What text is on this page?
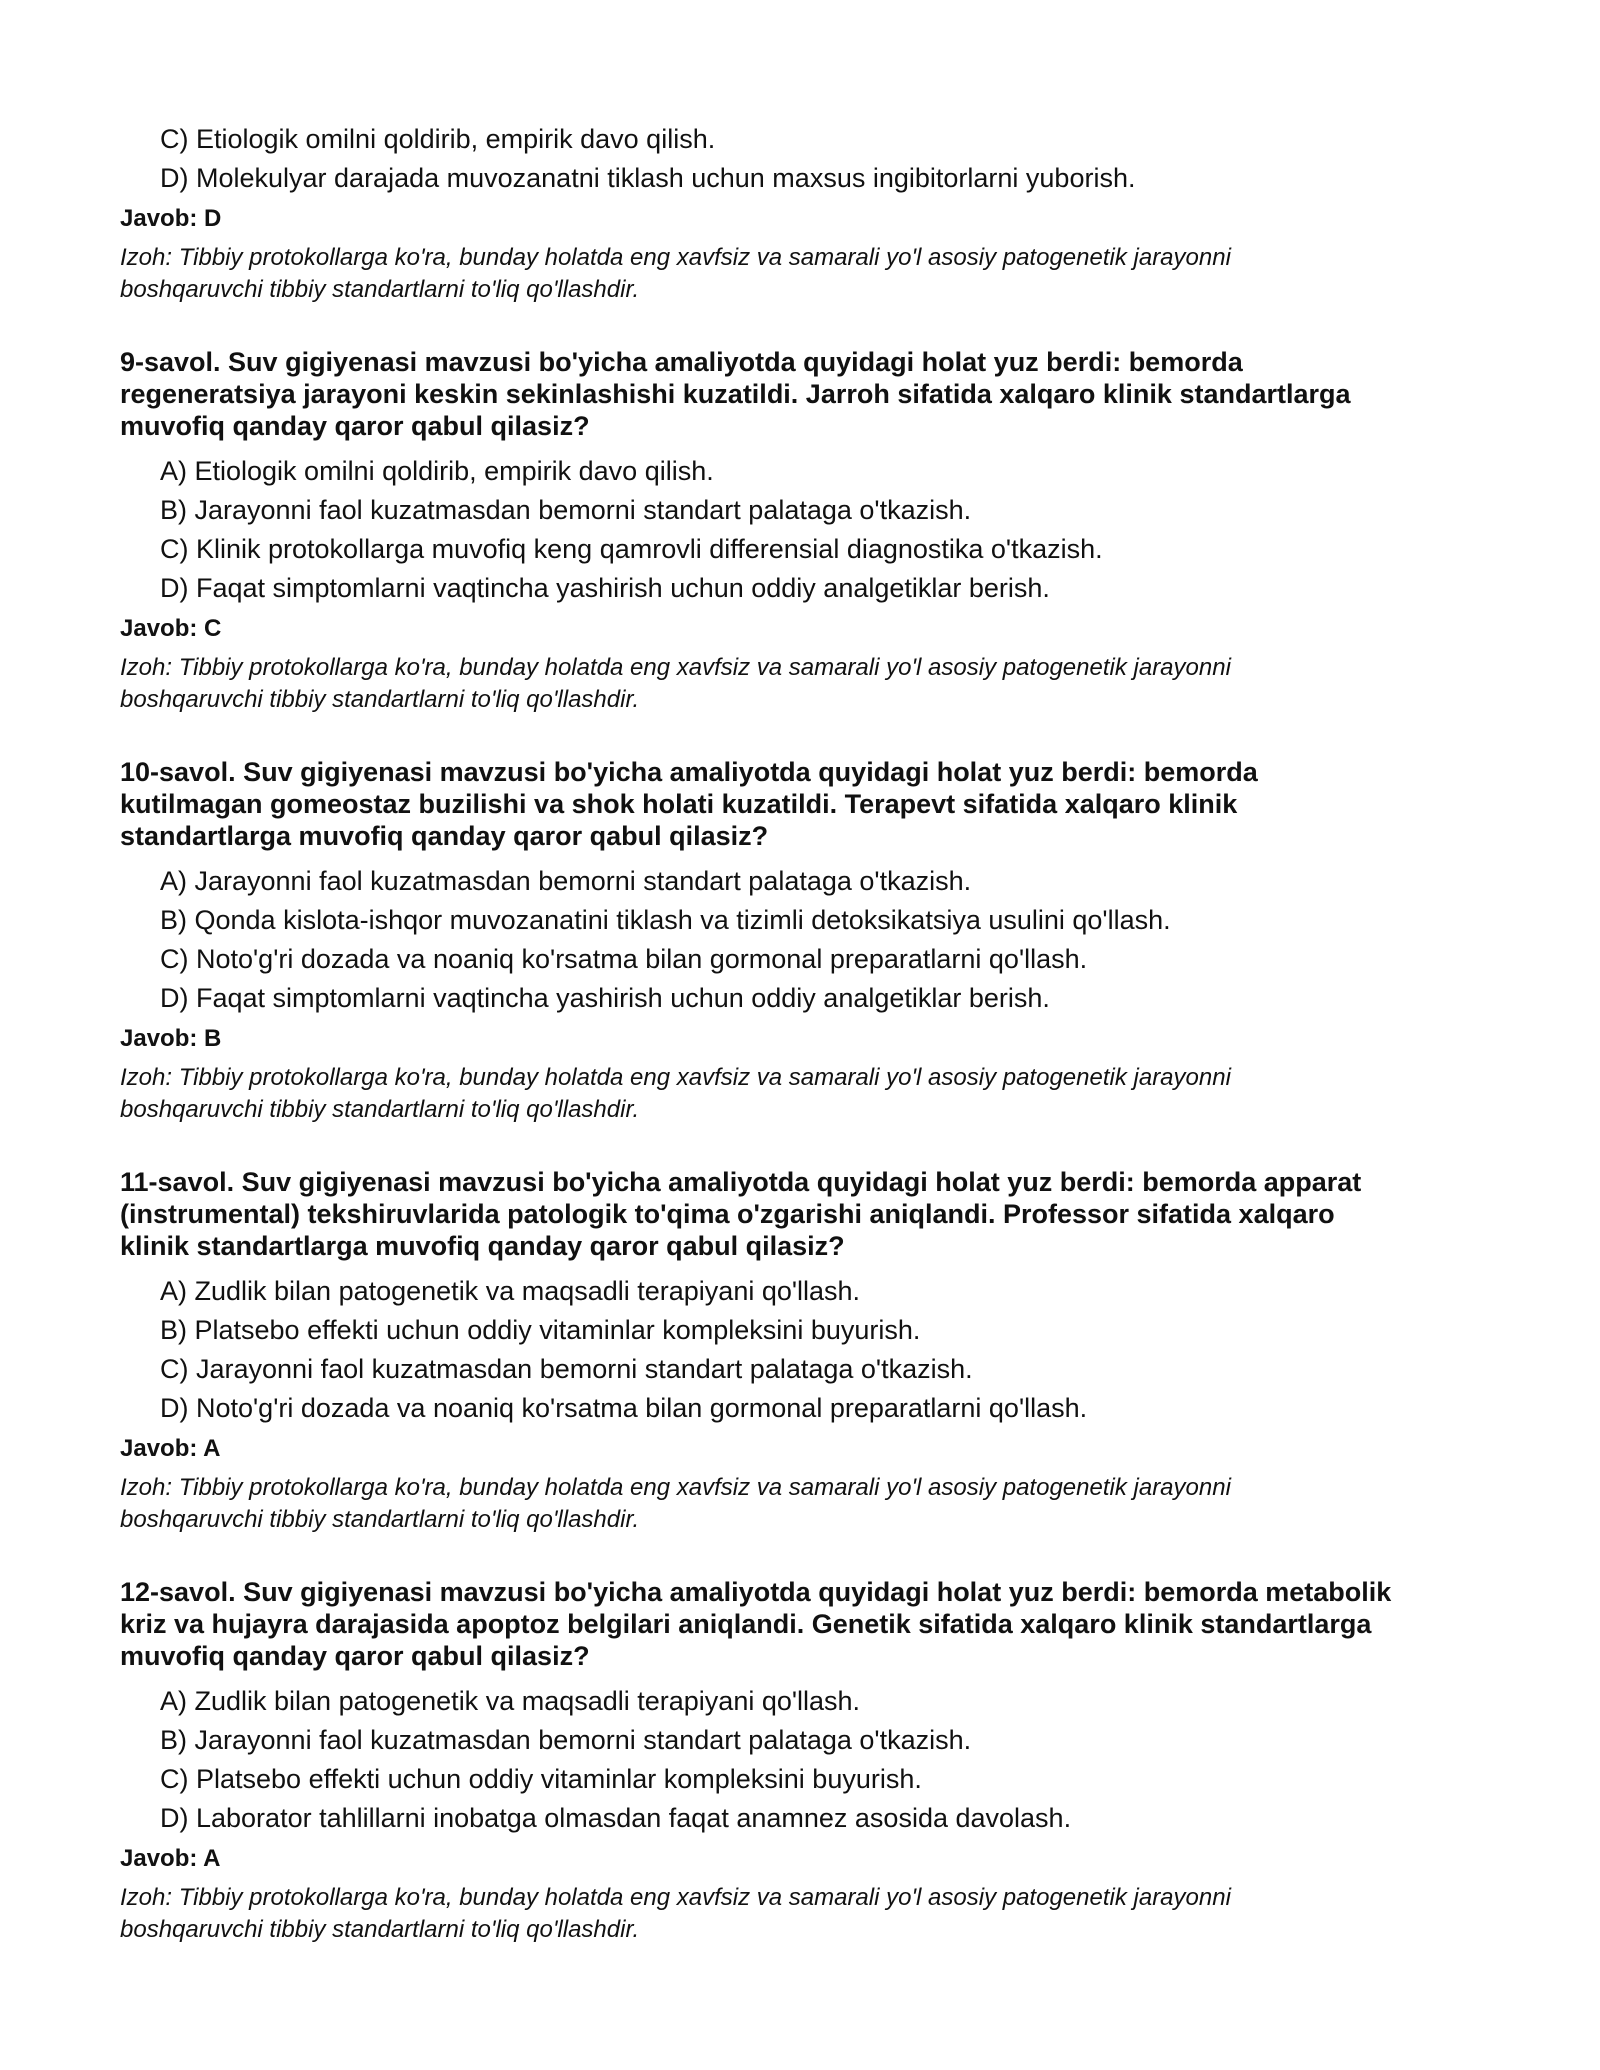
C) Etiologik omilni qoldirib, empirik davo qilish.
D) Molekulyar darajada muvozanatni tiklash uchun maxsus ingibitorlarni yuborish.
Javob: D
Izoh: Tibbiy protokollarga ko'ra, bunday holatda eng xavfsiz va samarali yo'l asosiy patogenetik jarayonni
boshqaruvchi tibbiy standartlarni to'liq qo'llashdir.
9-savol. Suv gigiyenasi mavzusi bo'yicha amaliyotda quyidagi holat yuz berdi: bemorda
regeneratsiya jarayoni keskin sekinlashishi kuzatildi. Jarroh sifatida xalqaro klinik standartlarga
muvofiq qanday qaror qabul qilasiz?
A) Etiologik omilni qoldirib, empirik davo qilish.
B) Jarayonni faol kuzatmasdan bemorni standart palataga o'tkazish.
C) Klinik protokollarga muvofiq keng qamrovli differensial diagnostika o'tkazish.
D) Faqat simptomlarni vaqtincha yashirish uchun oddiy analgetiklar berish.
Javob: C
Izoh: Tibbiy protokollarga ko'ra, bunday holatda eng xavfsiz va samarali yo'l asosiy patogenetik jarayonni
boshqaruvchi tibbiy standartlarni to'liq qo'llashdir.
10-savol. Suv gigiyenasi mavzusi bo'yicha amaliyotda quyidagi holat yuz berdi: bemorda
kutilmagan gomeostaz buzilishi va shok holati kuzatildi. Terapevt sifatida xalqaro klinik
standartlarga muvofiq qanday qaror qabul qilasiz?
A) Jarayonni faol kuzatmasdan bemorni standart palataga o'tkazish.
B) Qonda kislota-ishqor muvozanatini tiklash va tizimli detoksikatsiya usulini qo'llash.
C) Noto'g'ri dozada va noaniq ko'rsatma bilan gormonal preparatlarni qo'llash.
D) Faqat simptomlarni vaqtincha yashirish uchun oddiy analgetiklar berish.
Javob: B
Izoh: Tibbiy protokollarga ko'ra, bunday holatda eng xavfsiz va samarali yo'l asosiy patogenetik jarayonni
boshqaruvchi tibbiy standartlarni to'liq qo'llashdir.
11-savol. Suv gigiyenasi mavzusi bo'yicha amaliyotda quyidagi holat yuz berdi: bemorda apparat
(instrumental) tekshiruvlarida patologik to'qima o'zgarishi aniqlandi. Professor sifatida xalqaro
klinik standartlarga muvofiq qanday qaror qabul qilasiz?
A) Zudlik bilan patogenetik va maqsadli terapiyani qo'llash.
B) Platsebo effekti uchun oddiy vitaminlar kompleksini buyurish.
C) Jarayonni faol kuzatmasdan bemorni standart palataga o'tkazish.
D) Noto'g'ri dozada va noaniq ko'rsatma bilan gormonal preparatlarni qo'llash.
Javob: A
Izoh: Tibbiy protokollarga ko'ra, bunday holatda eng xavfsiz va samarali yo'l asosiy patogenetik jarayonni
boshqaruvchi tibbiy standartlarni to'liq qo'llashdir.
12-savol. Suv gigiyenasi mavzusi bo'yicha amaliyotda quyidagi holat yuz berdi: bemorda metabolik
kriz va hujayra darajasida apoptoz belgilari aniqlandi. Genetik sifatida xalqaro klinik standartlarga
muvofiq qanday qaror qabul qilasiz?
A) Zudlik bilan patogenetik va maqsadli terapiyani qo'llash.
B) Jarayonni faol kuzatmasdan bemorni standart palataga o'tkazish.
C) Platsebo effekti uchun oddiy vitaminlar kompleksini buyurish.
D) Laborator tahlillarni inobatga olmasdan faqat anamnez asosida davolash.
Javob: A
Izoh: Tibbiy protokollarga ko'ra, bunday holatda eng xavfsiz va samarali yo'l asosiy patogenetik jarayonni
boshqaruvchi tibbiy standartlarni to'liq qo'llashdir.
